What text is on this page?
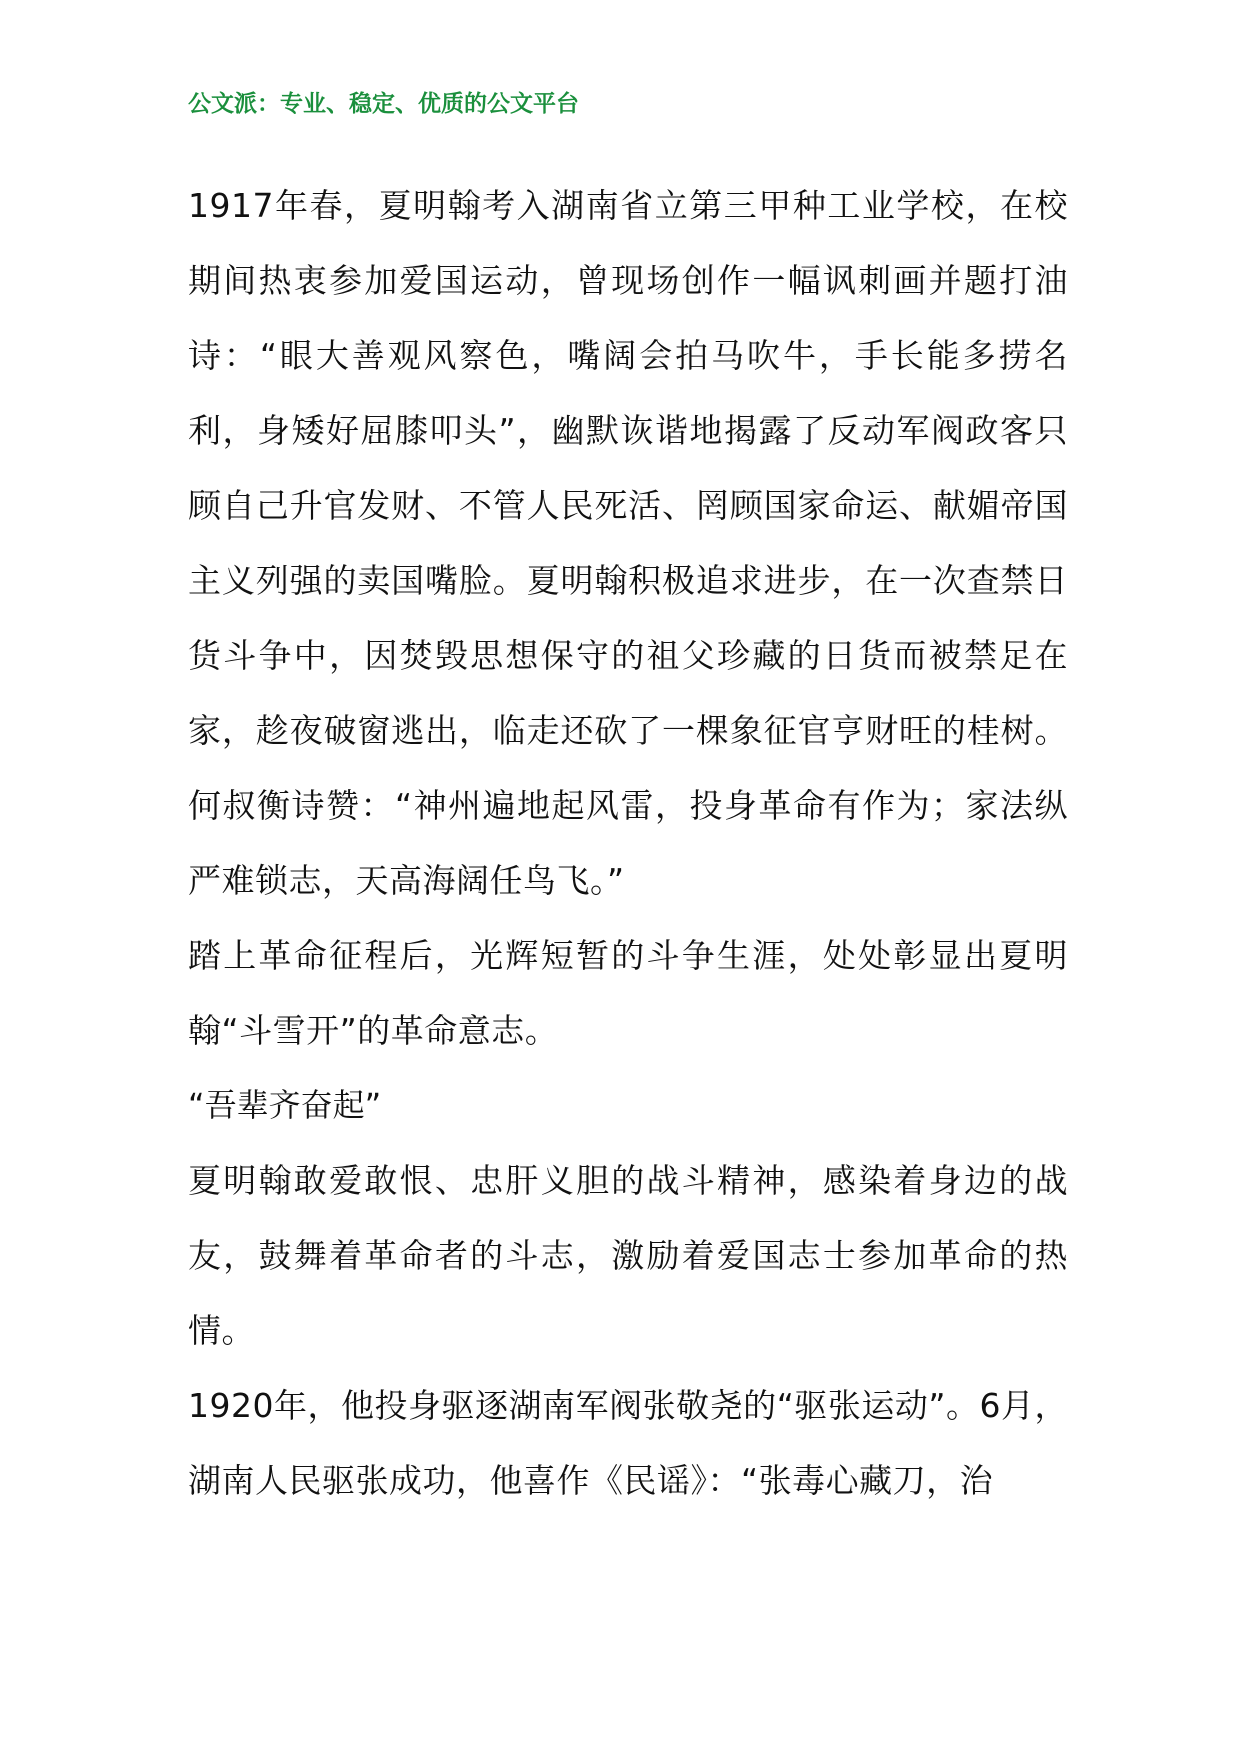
公文派：专业、稳定、优质的公文平台

1917年春，夏明翰考入湖南省立第三甲种工业学校，在校期间热衷参加爱国运动，曾现场创作一幅讽刺画并题打油诗：“眼大善观风察色，嘴阔会拍马吹牛，手长能多捞名利，身矮好屈膝叩头”，幽默诙谐地揭露了反动军阀政客只顾自己升官发财、不管人民死活、罔顾国家命运、献媚帝国主义列强的卖国嘴脸。夏明翰积极追求进步，在一次查禁日货斗争中，因焚毁思想保守的祖父珍藏的日货而被禁足在家，趁夜破窗逃出，临走还砍了一棵象征官亨财旺的桂树。何叔衡诗赞：“神州遍地起风雷，投身革命有作为；家法纵严难锁志，天高海阔任鸟飞。”

踏上革命征程后，光辉短暂的斗争生涯，处处彰显出夏明翰“斗雪开”的革命意志。

“吾辈齐奋起”

夏明翰敢爱敢恨、忠肝义胆的战斗精神，感染着身边的战友，鼓舞着革命者的斗志，激励着爱国志士参加革命的热情。

1920年，他投身驱逐湖南军阀张敬尧的“驱张运动”。6月，湖南人民驱张成功，他喜作《民谣》：“张毒心藏刀，治
